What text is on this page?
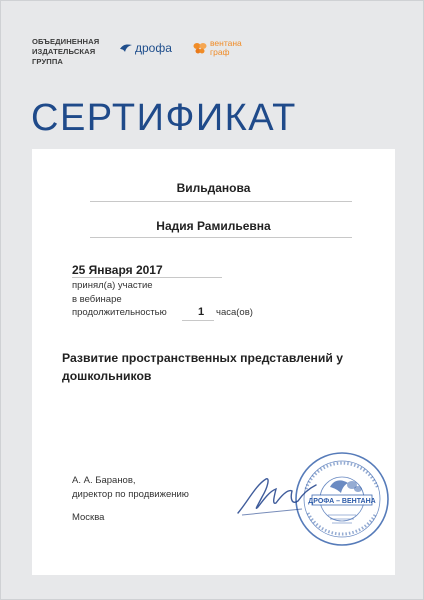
ОБЪЕДИНЕННАЯ
ИЗДАТЕЛЬСКАЯ
ГРУППА
дрофа	вентана
граф
СЕРТИФИКАТ
Вильданова
Надия Рамильевна
25 Января 2017
принял(а) участие
в вебинаре
продолжительностью	1 часа(ов)
Развитие пространственных представлений у дошкольников
А. А. Баранов,
директор по продвижению
Москва
ДРОФА – ВЕНТАНА
